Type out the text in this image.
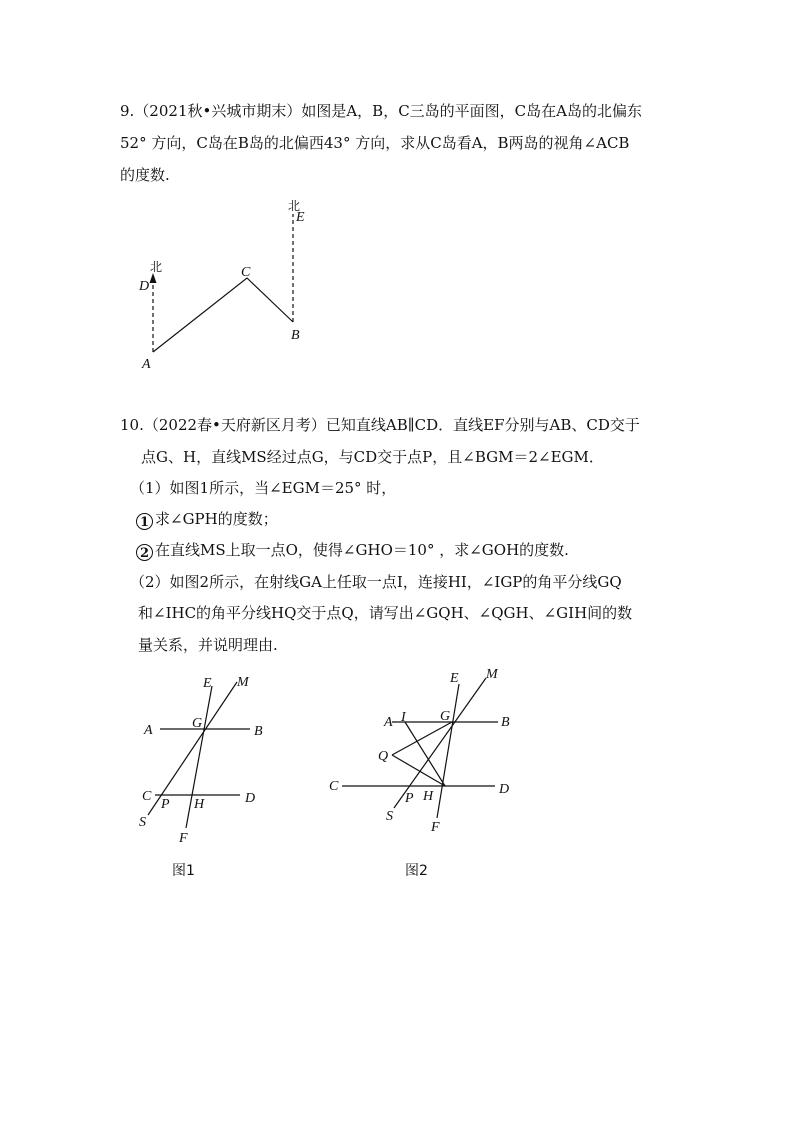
9.（2021秋•兴城市期末）如图是A，B，C三岛的平面图，C岛在A岛的北偏东
52° 方向，C岛在B岛的北偏西43° 方向，求从C岛看A，B两岛的视角∠ACB
的度数.
北
D
北
E
C
B
A
E M
A	G
B
C
P H	D
S
F
E M
A I G	B
Q
C
P H	D
S
F
10.（2022春•天府新区月考）已知直线AB∥CD．直线EF分别与AB、CD交于
点G、H，直线MS经过点G，与CD交于点P，且∠BGM＝2∠EGM．
（1）如图1所示，当∠EGM＝25° 时，
1 求∠GPH的度数；
2 在直线MS上取一点O，使得∠GHO＝10° ，求∠GOH的度数.
（2）如图2所示，在射线GA上任取一点I，连接HI，∠IGP的角平分线GQ
和∠IHC的角平分线HQ交于点Q，请写出∠GQH、∠QGH、∠GIH间的数
量关系，并说明理由.
图1	图2
